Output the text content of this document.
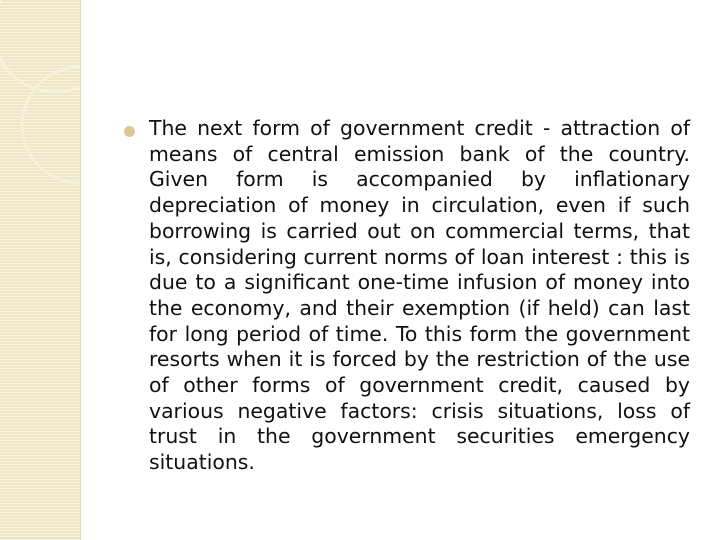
The next form of government credit - attraction of means of central emission bank of the country. Given form is accompanied by inflationary depreciation of money in circulation, even if such borrowing is carried out on commercial terms, that is, considering current norms of loan interest : this is due to a significant one-time infusion of money into the economy, and their exemption (if held) can last for long period of time. To this form the government resorts when it is forced by the restriction of the use of other forms of government credit, caused by various negative factors: crisis situations, loss of trust in the government securities emergency situations.
